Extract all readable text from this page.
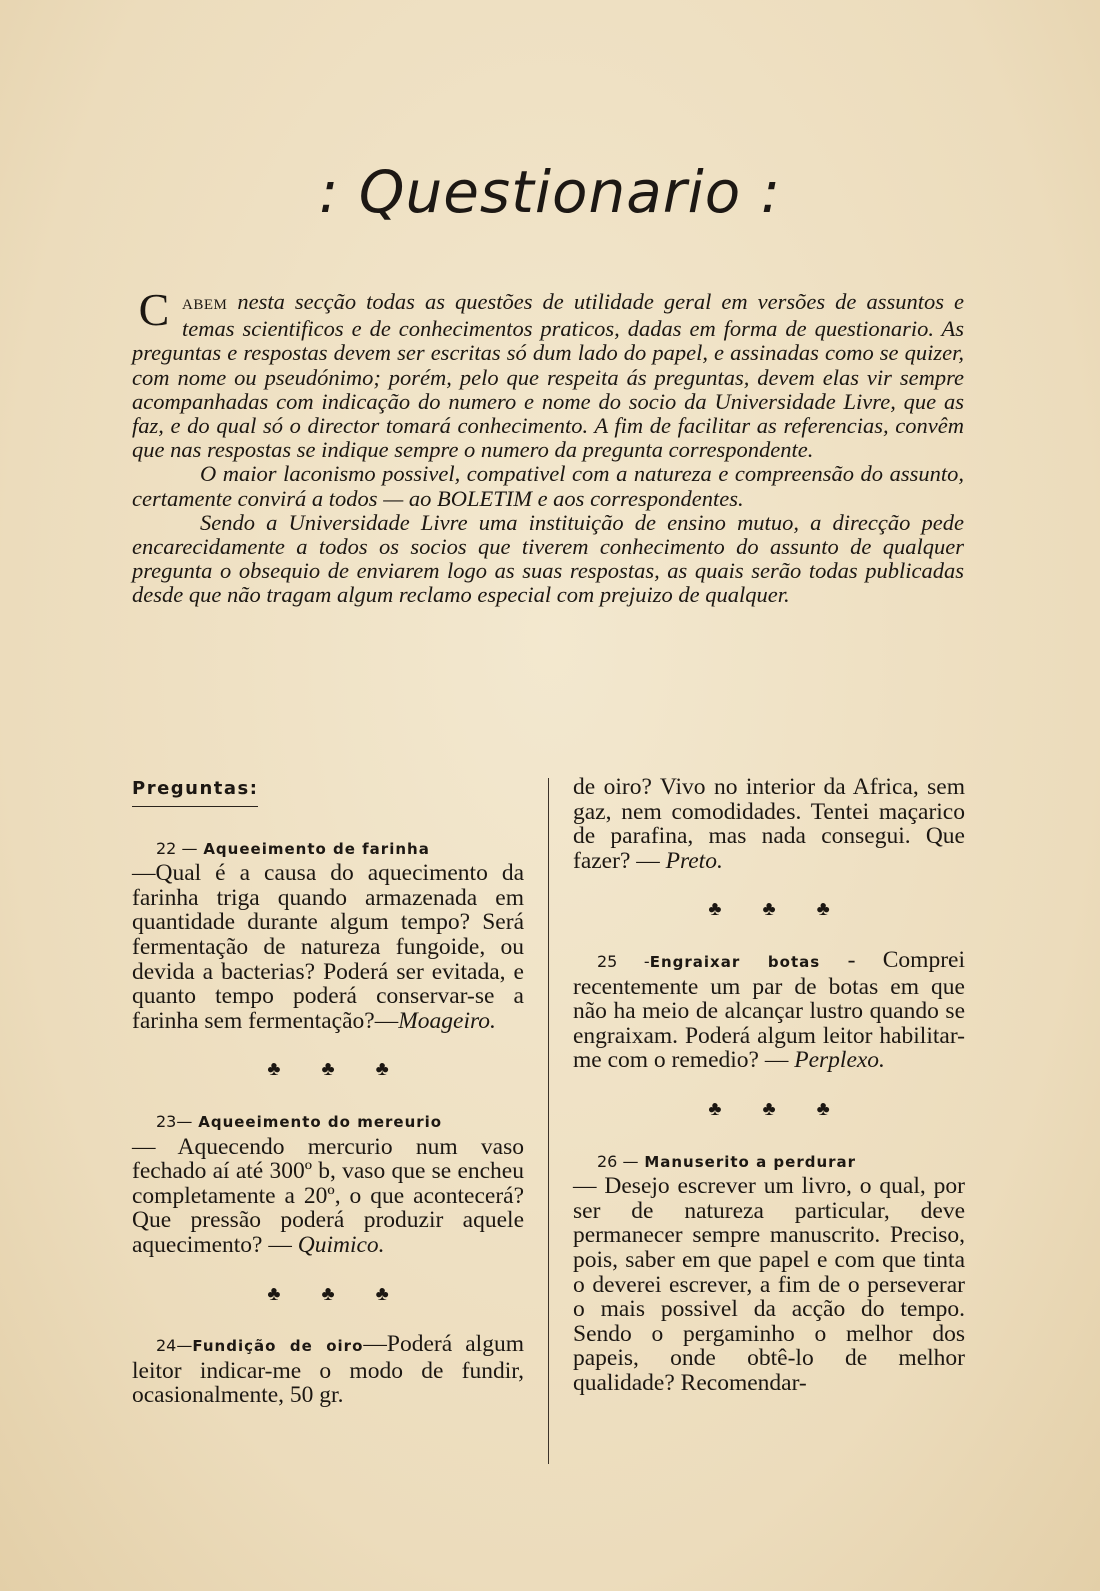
: Questionario :

CABEM nesta secção todas as questões de utilidade geral em versões de assuntos e temas scientificos e de conhecimentos praticos, dadas em forma de questionario. As preguntas e respostas devem ser escritas só dum lado do papel, e assinadas como se quizer, com nome ou pseudónimo; porém, pelo que respeita ás preguntas, devem elas vir sempre acompanhadas com indicação do numero e nome do socio da Universidade Livre, que as faz, e do qual só o director tomará conhecimento. A fim de facilitar as referencias, convêm que nas respostas se indique sempre o numero da pregunta correspondente.

O maior laconismo possivel, compativel com a natureza e compreensão do assunto, certamente convirá a todos — ao BOLETIM e aos correspondentes.

Sendo a Universidade Livre uma instituição de ensino mutuo, a direcção pede encarecidamente a todos os socios que tiverem conhecimento do assunto de qualquer pregunta o obsequio de enviarem logo as suas respostas, as quais serão todas publicadas desde que não tragam algum reclamo especial com prejuizo de qualquer.

Preguntas:
22 — Aqueeimento de farinha
—Qual é a causa do aquecimento da farinha triga quando armazenada em quantidade durante algum tempo? Será fermentação de natureza fungoide, ou devida a bacterias? Poderá ser evitada, e quanto tempo poderá conservar-se a farinha sem fermentação?—Moageiro.
♣ ♣ ♣
23— Aqueeimento do mereurio
— Aquecendo mercurio num vaso fechado aí até 300º b, vaso que se encheu completamente a 20º, o que acontecerá? Que pressão poderá produzir aquele aquecimento? — Quimico.
♣ ♣ ♣
24—Fundição de oiro—Poderá algum leitor indicar-me o modo de fundir, ocasionalmente, 50 gr.
de oiro? Vivo no interior da Africa, sem gaz, nem comodidades. Tentei maçarico de parafina, mas nada consegui. Que fazer? — Preto.
♣ ♣ ♣
25 -Engraixar botas - Comprei recentemente um par de botas em que não ha meio de alcançar lustro quando se engraixam. Poderá algum leitor habilitar-me com o remedio? — Perplexo.
♣ ♣ ♣
26 — Manuserito a perdurar
— Desejo escrever um livro, o qual, por ser de natureza particular, deve permanecer sempre manuscrito. Preciso, pois, saber em que papel e com que tinta o deverei escrever, a fim de o perseverar o mais possivel da acção do tempo. Sendo o pergaminho o melhor dos papeis, onde obtê-lo de melhor qualidade? Recomendar-
